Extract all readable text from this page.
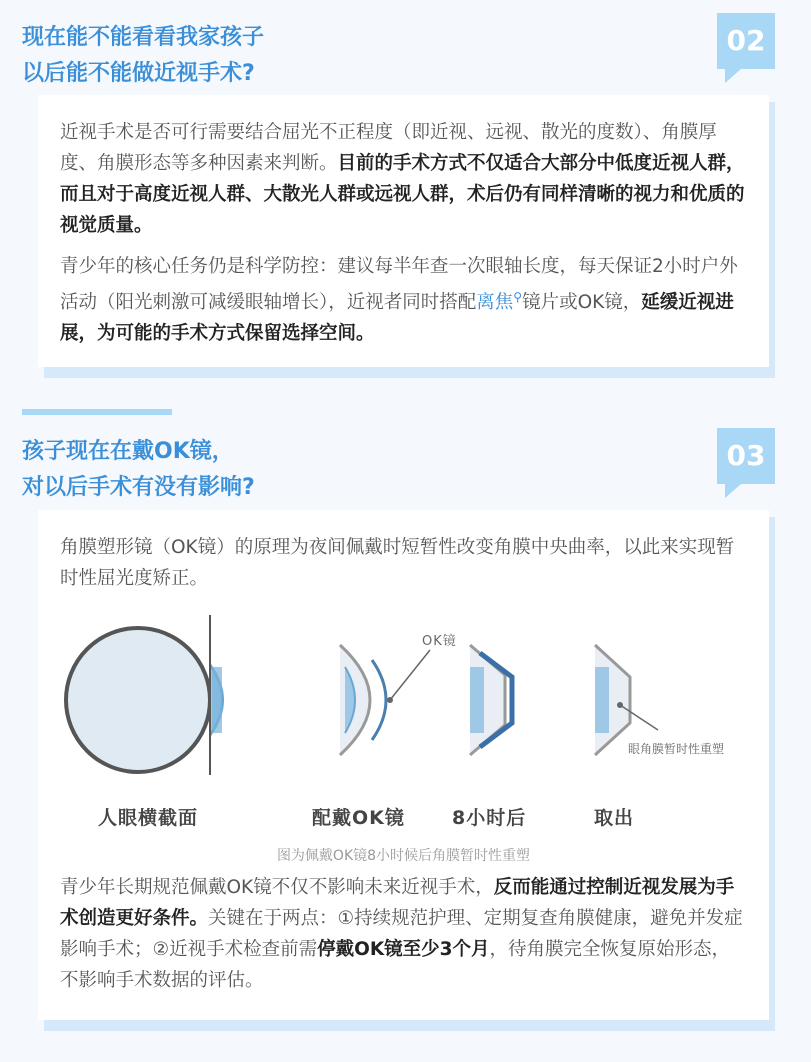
现在能不能看看我家孩子
以后能不能做近视手术?
02
近视手术是否可行需要结合屈光不正程度（即近视、远视、散光的度数）、角膜厚度、角膜形态等多种因素来判断。目前的手术方式不仅适合大部分中低度近视人群，而且对于高度近视人群、大散光人群或远视人群，术后仍有同样清晰的视力和优质的视觉质量。
青少年的核心任务仍是科学防控：建议每半年查一次眼轴长度，每天保证2小时户外活动（阳光刺激可减缓眼轴增长），近视者同时搭配离焦⚲镜片或OK镜，延缓近视进展，为可能的手术方式保留选择空间。
孩子现在在戴OK镜，
对以后手术有没有影响?
03
角膜塑形镜（OK镜）的原理为夜间佩戴时短暂性改变角膜中央曲率，以此来实现暂时性屈光度矫正。
OK镜
眼角膜暂时性重塑
人眼横截面	配戴OK镜 8小时后	取出
图为佩戴OK镜8小时候后角膜暂时性重塑
青少年长期规范佩戴OK镜不仅不影响未来近视手术，反而能通过控制近视发展为手术创造更好条件。关键在于两点：①持续规范护理、定期复查角膜健康，避免并发症影响手术；②近视手术检查前需停戴OK镜至少3个月，待角膜完全恢复原始形态，不影响手术数据的评估。
